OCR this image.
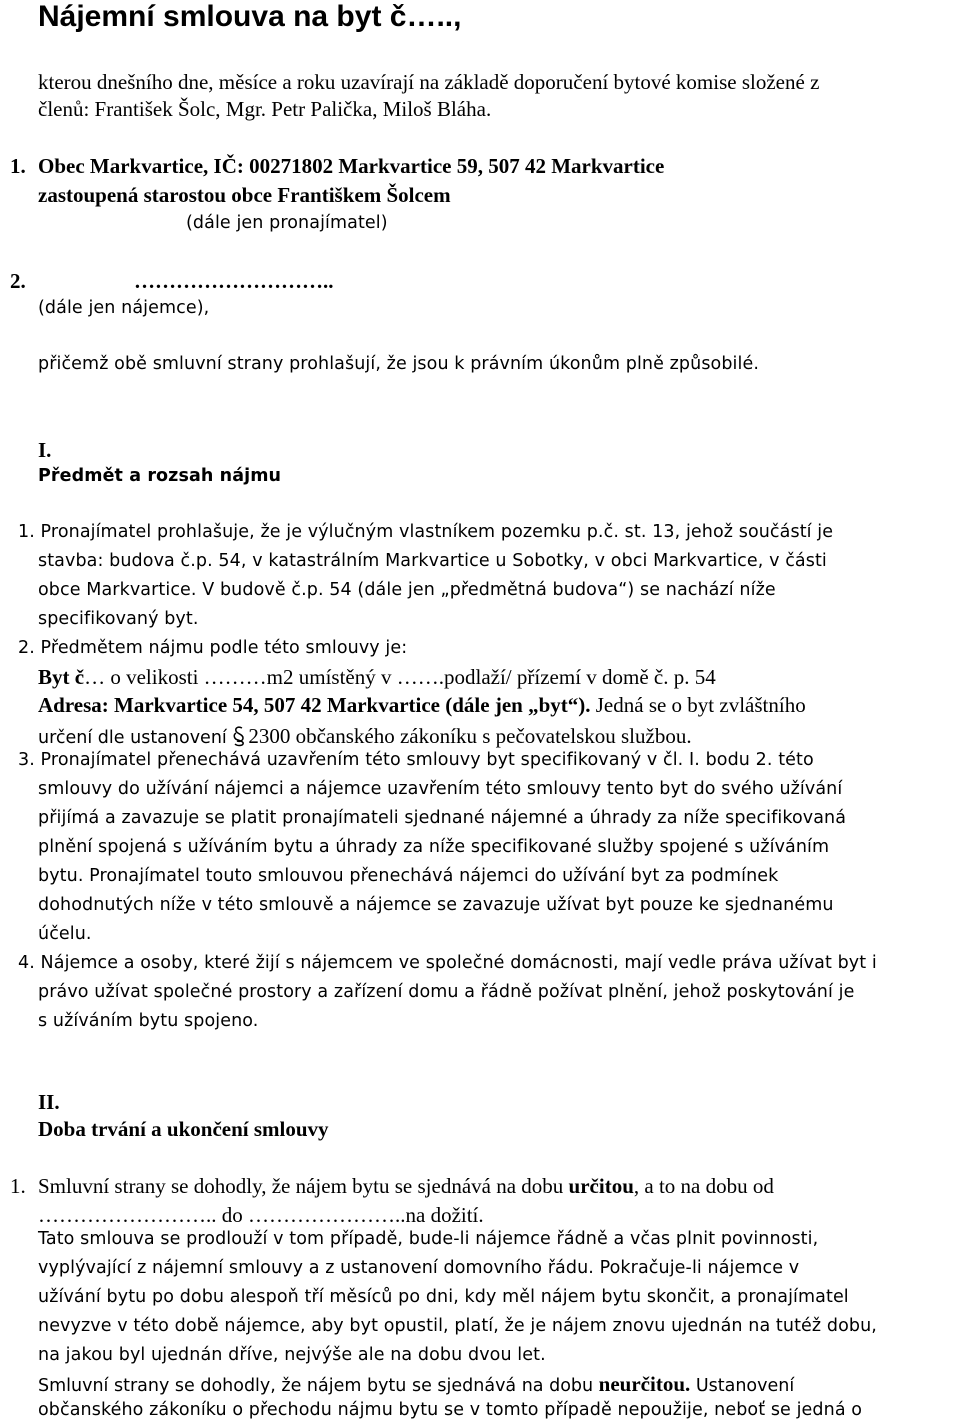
Nájemní smlouva na byt č…..,
kterou dnešního dne, měsíce a roku uzavírají na základě doporučení bytové komise složené z
členů: František Šolc, Mgr. Petr Palička, Miloš Bláha.
1. Obec Markvartice, IČ: 00271802 Markvartice 59, 507 42 Markvartice
zastoupená starostou obce Františkem Šolcem
(dále jen pronajímatel)
2.	………………………..
(dále jen nájemce),
přičemž obě smluvní strany prohlašují, že jsou k právním úkonům plně způsobilé.
I.
Předmět a rozsah nájmu
1. Pronajímatel prohlašuje, že je výlučným vlastníkem pozemku p.č. st. 13, jehož součástí je
stavba: budova č.p. 54, v katastrálním Markvartice u Sobotky, v obci Markvartice, v části
obce Markvartice. V budově č.p. 54 (dále jen „předmětná budova“) se nachází níže
specifikovaný byt.
2. Předmětem nájmu podle této smlouvy je:
Byt č… o velikosti ………m2 umístěný v …….podlaží/ přízemí v domě č. p. 54
Adresa: Markvartice 54, 507 42 Markvartice (dále jen „byt“). Jedná se o byt zvláštního
určení dle ustanovení 2300 občanského zákoníku s pečovatelskou službou.
3. Pronajímatel přenechává uzavřením této smlouvy byt specifikovaný v čl. I. bodu 2. této
smlouvy do užívání nájemci a nájemce uzavřením této smlouvy tento byt do svého užívání
přijímá a zavazuje se platit pronajímateli sjednané nájemné a úhrady za níže specifikovaná
plnění spojená s užíváním bytu a úhrady za níže specifikované služby spojené s užíváním
bytu. Pronajímatel touto smlouvou přenechává nájemci do užívání byt za podmínek
dohodnutých níže v této smlouvě a nájemce se zavazuje užívat byt pouze ke sjednanému
účelu.
4. Nájemce a osoby, které žijí s nájemcem ve společné domácnosti, mají vedle práva užívat byt i
právo užívat společné prostory a zařízení domu a řádně požívat plnění, jehož poskytování je
s užíváním bytu spojeno.
II.
Doba trvání a ukončení smlouvy
1. Smluvní strany se dohodly, že nájem bytu se sjednává na dobu určitou, a to na dobu od
…………………….. do …………………..na dožití.
Tato smlouva se prodlouží v tom případě, bude-li nájemce řádně a včas plnit povinnosti,
vyplývající z nájemní smlouvy a z ustanovení domovního řádu. Pokračuje-li nájemce v
užívání bytu po dobu alespoň tří měsíců po dni, kdy měl nájem bytu skončit, a pronajímatel
nevyzve v této době nájemce, aby byt opustil, platí, že je nájem znovu ujednán na tutéž dobu,
na jakou byl ujednán dříve, nejvýše ale na dobu dvou let.
Smluvní strany se dohodly, že nájem bytu se sjednává na dobu neurčitou. Ustanovení
občanského zákoníku o přechodu nájmu bytu se v tomto případě nepoužije, neboť se jedná o
